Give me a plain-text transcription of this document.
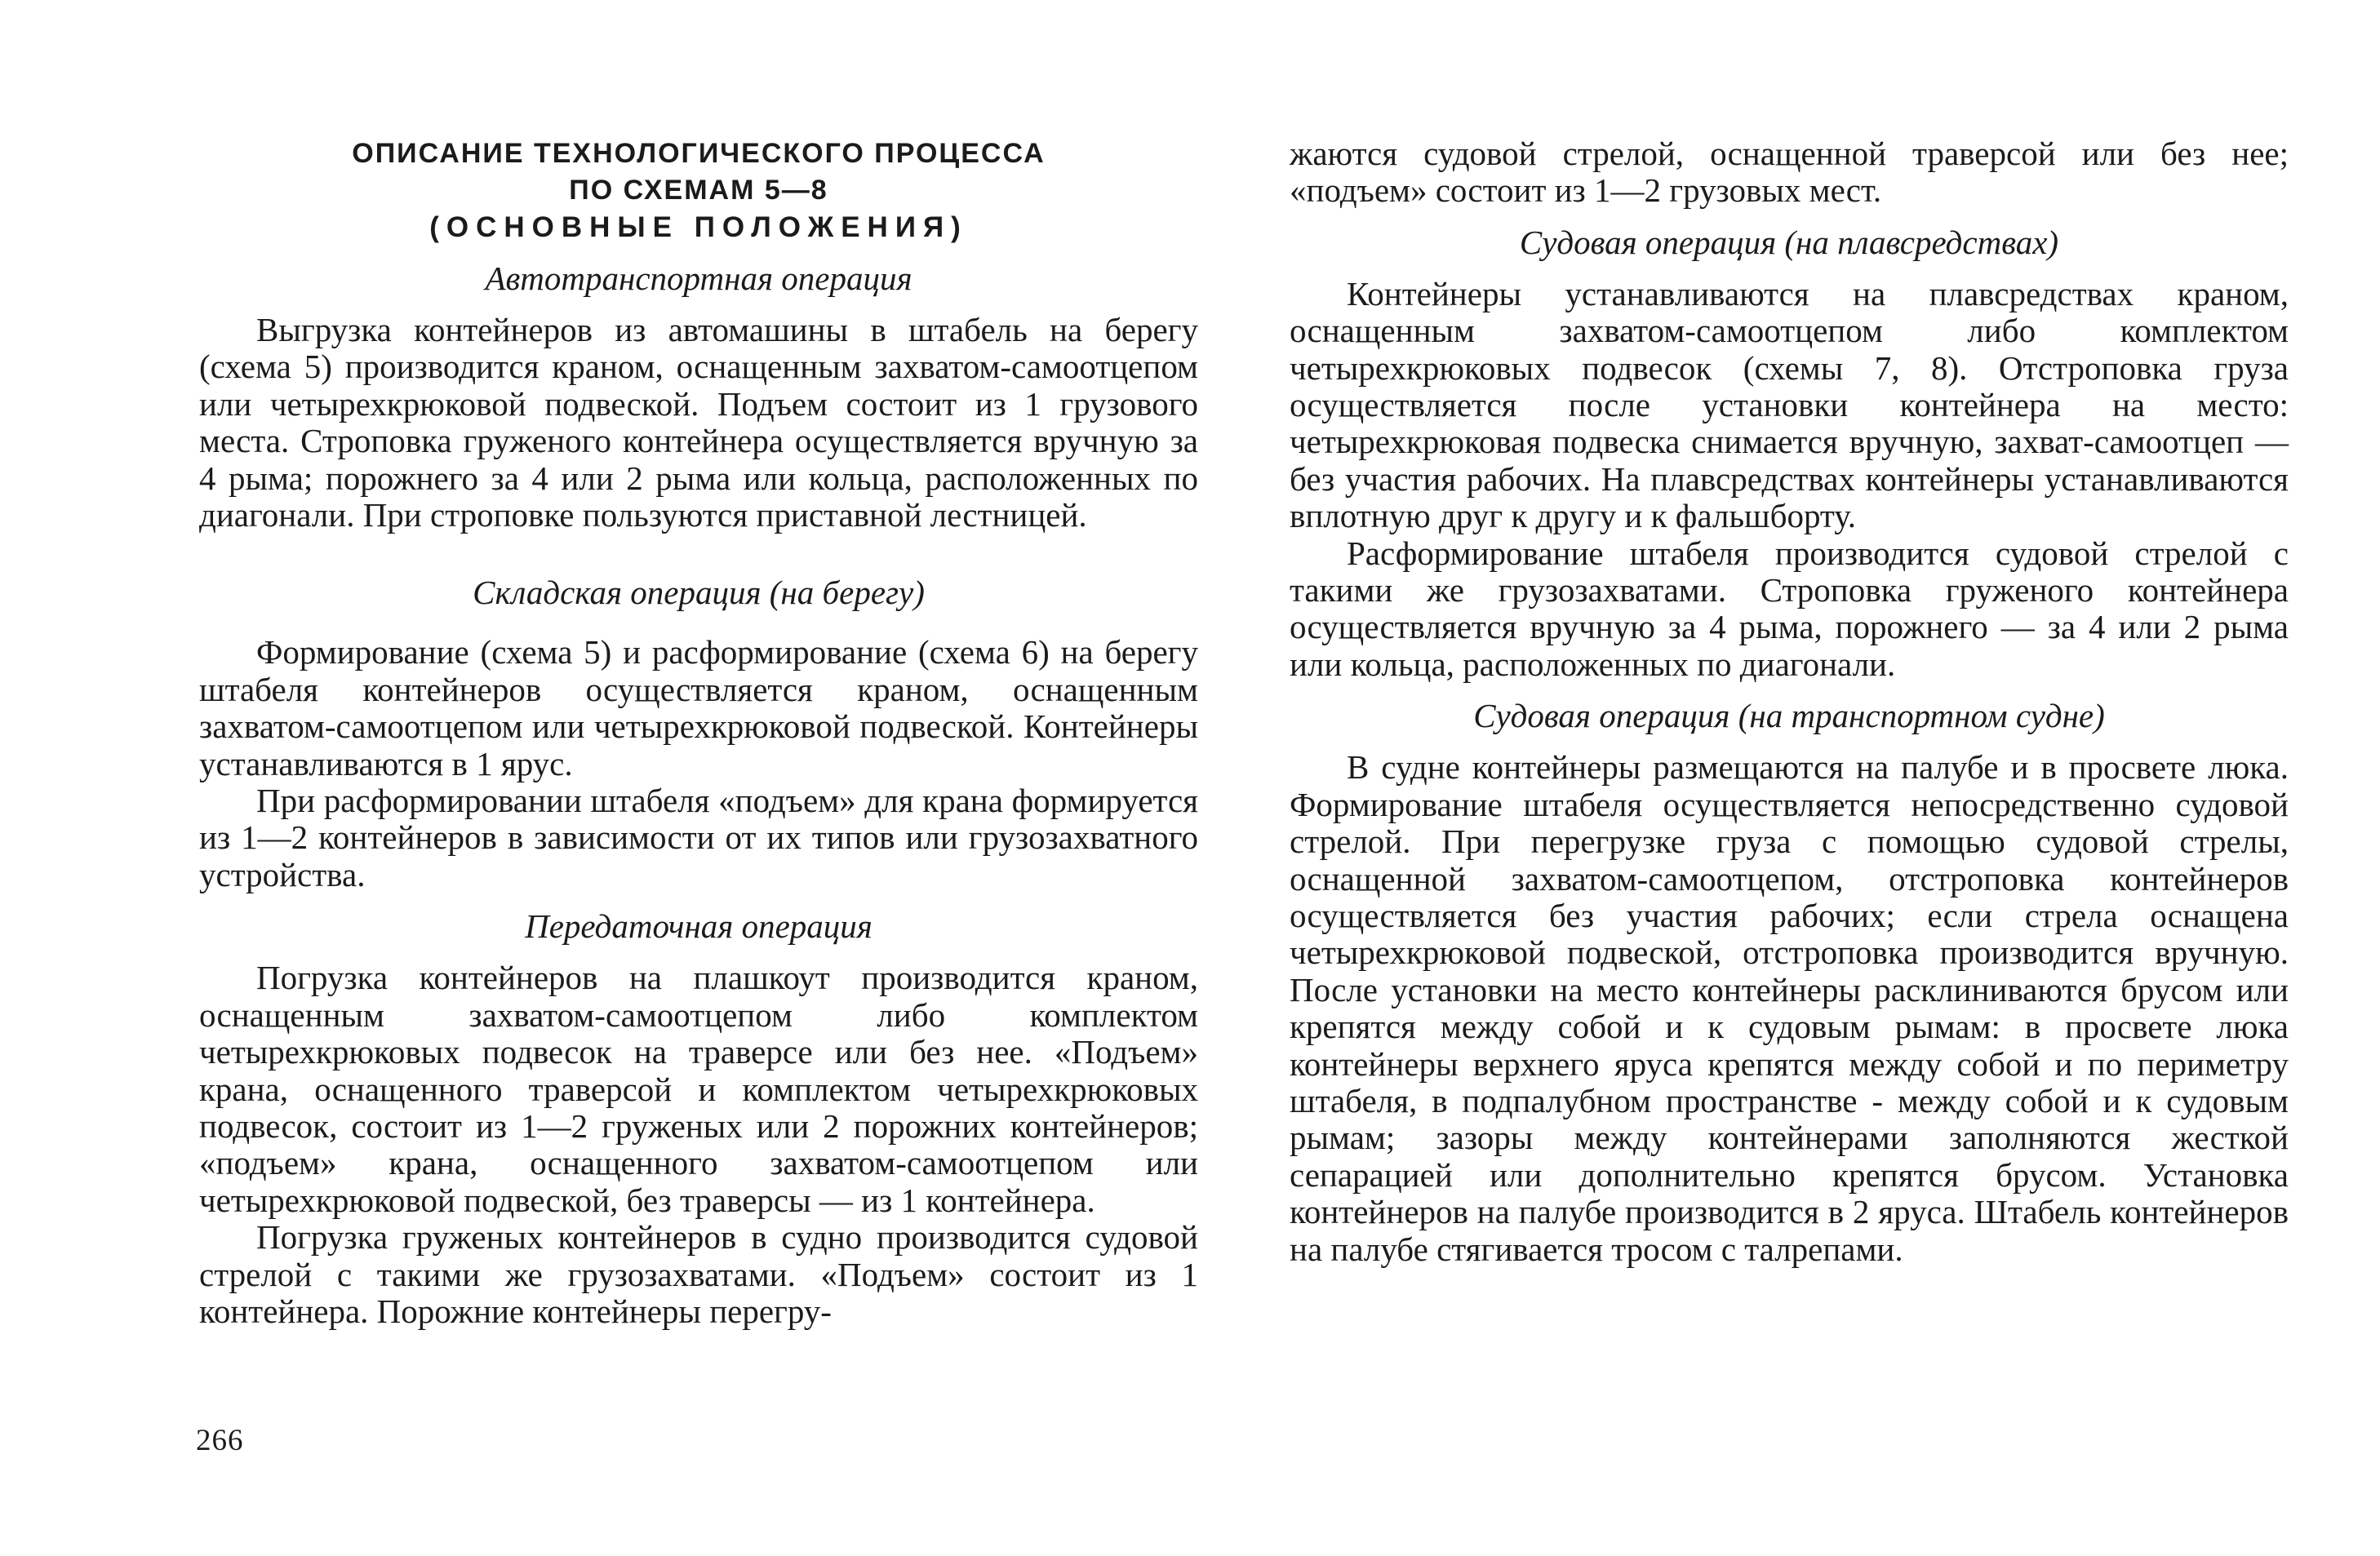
ОПИСАНИЕ ТЕХНОЛОГИЧЕСКОГО ПРОЦЕССА
ПО СХЕМАМ 5—8
(ОСНОВНЫЕ ПОЛОЖЕНИЯ)
Автотранспортная операция

Выгрузка контейнеров из автомашины в штабель на берегу (схема 5) производится краном, оснащенным захватом-самоотцепом или четырехкрюковой подвеской. Подъем состоит из 1 грузового места. Строповка груженого контейнера осуществляется вручную за 4 рыма; порожнего за 4 или 2 рыма или кольца, расположенных по диагонали. При строповке пользуются приставной лестницей.

Складская операция (на берегу)

Формирование (схема 5) и расформирование (схема 6) на берегу штабеля контейнеров осуществляется краном, оснащенным захватом-самоотцепом или четырехкрюковой подвеской. Контейнеры устанавливаются в 1 ярус.

При расформировании штабеля «подъем» для крана формируется из 1—2 контейнеров в зависимости от их типов или грузозахватного устройства.

Передаточная операция

Погрузка контейнеров на плашкоут производится краном, оснащенным захватом-самоотцепом либо комплектом четырехкрюковых подвесок на траверсе или без нее. «Подъем» крана, оснащенного траверсой и комплектом четырехкрюковых подвесок, состоит из 1—2 груженых или 2 порожних контейнеров; «подъем» крана, оснащенного захватом-самоотцепом или четырехкрюковой подвеской, без траверсы — из 1 контейнера.

Погрузка груженых контейнеров в судно производится судовой стрелой с такими же грузозахватами. «Подъем» состоит из 1 контейнера. Порожние контейнеры перегру-

266

жаются судовой стрелой, оснащенной траверсой или без нее; «подъем» состоит из 1—2 грузовых мест.

Судовая операция (на плавсредствах)

Контейнеры устанавливаются на плавсредствах краном, оснащенным захватом-самоотцепом либо комплектом четырехкрюковых подвесок (схемы 7, 8). Отстроповка груза осуществляется после установки контейнера на место: четырехкрюковая подвеска снимается вручную, захват-самоотцеп — без участия рабочих. На плавсредствах контейнеры устанавливаются вплотную друг к другу и к фальшборту.

Расформирование штабеля производится судовой стрелой с такими же грузозахватами. Строповка груженого контейнера осуществляется вручную за 4 рыма, порожнего — за 4 или 2 рыма или кольца, расположенных по диагонали.

Судовая операция (на транспортном судне)

В судне контейнеры размещаются на палубе и в просвете люка. Формирование штабеля осуществляется непосредственно судовой стрелой. При перегрузке груза с помощью судовой стрелы, оснащенной захватом-самоотцепом, отстроповка контейнеров осуществляется без участия рабочих; если стрела оснащена четырехкрюковой подвеской, отстроповка производится вручную. После установки на место контейнеры расклиниваются брусом или крепятся между собой и к судовым рымам: в просвете люка контейнеры верхнего яруса крепятся между собой и по периметру штабеля, в подпалубном пространстве - между собой и к судовым рымам; зазоры между контейнерами заполняются жесткой сепарацией или дополнительно крепятся брусом. Установка контейнеров на палубе производится в 2 яруса. Штабель контейнеров на палубе стягивается тросом с талрепами.
